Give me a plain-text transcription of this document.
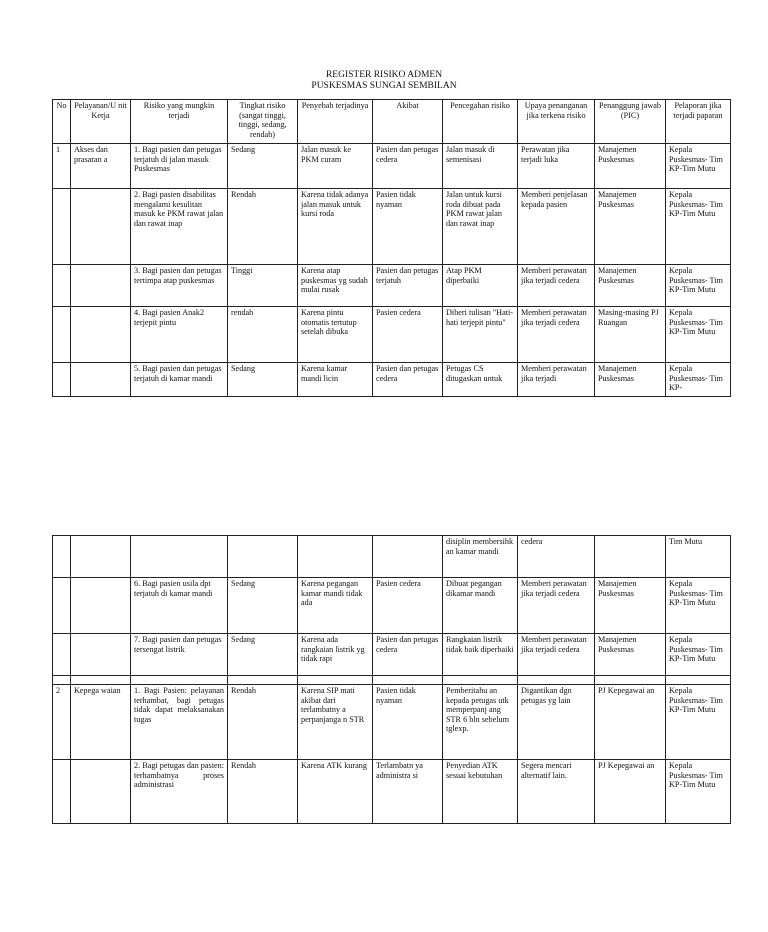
REGISTER RISIKO ADMEN

PUSKESMAS SUNGAI SEMBILAN

No	Pelayanan/U nit Kerja	Risiko yang mungkin terjadi	Tingkat risiko (sangat tinggi, tinggi, sedang, rendah)	Penyebab terjadinya	Akibat	Pencegahan risiko	Upaya penanganan jika terkena risiko	Penanggung jawab (PIC)	Pelaporan jika terjadi paparan
1	Akses dan prasaran a	1. Bagi pasien dan petugas terjatuh di jalan masuk Puskesmas	Sedang	Jalan masuk ke PKM curam	Pasien dan petugas cedera	Jalan masuk di semenisasi	Perawatan jika terjadi luka	Manajemen Puskesmas	Kepala Puskesmas- Tim KP-Tim Mutu
		2. Bagi pasien disabilitas mengalami kesulitan masuk ke PKM rawat jalan dan rawat inap	Rendah	Karena tidak adanya jalan masuk untuk kursi roda	Pasien tidak nyaman	Jalan untuk kursi roda dibuat pada PKM rawat jalan dan rawat inap	Memberi penjelasan kepada pasien	Manajemen Puskesmas	Kepala Puskesmas- Tim KP-Tim Mutu
		3. Bagi pasien dan petugas tertimpa atap puskesmas	Tinggi	Karena atap puskesmas yg sudah mulai rusak	Pasien dan petugas terjatuh	Atap PKM diperbaiki	Memberi perawatan jika terjadi cedera	Manajemen Puskesmas	Kepala Puskesmas- Tim KP-Tim Mutu
		4. Bagi pasien Anak2 terjepit pintu	rendah	Karena pintu otomatis tertutup setelah dibuka	Pasien cedera	Diberi tulisan "Hati-hati terjepit pintu"	Memberi perawatan jika terjadi cedera	Masing-masing PJ Ruangan	Kepala Puskesmas- Tim KP-Tim Mutu
		5. Bagi pasien dan petugas terjatuh di kamar mandi	Sedang	Karena kamar mandi licin	Pasien dan petugas cedera	Petugas CS ditugaskan untuk	Memberi perawatan jika terjadi	Manajemen Puskesmas	Kepala Puskesmas- Tim KP-
						disiplin membersihk an kamar mandi	cedera		Tim Mutu
		6. Bagi pasien usila dpt terjatuh di kamar mandi	Sedang	Karena pegangan kamar mandi tidak ada	Pasien cedera	Dibuat pegangan dikamar mandi	Memberi perawatan jika terjadi cedera	Manajemen Puskesmas	Kepala Puskesmas- Tim KP-Tim Mutu
		7. Bagi pasien dan petugas tersengat listrik	Sedang	Karena ada rangkaian listrik yg tidak rapi	Pasien dan petugas cedera	Rangkaian listrik tidak baik diperbaiki	Memberi perawatan jika terjadi cedera	Manajemen Puskesmas	Kepala Puskesmas- Tim KP-Tim Mutu

2	Kepega waian	1. Bagi Pasien: pelayanan terhambat, bagi petugas tidak dapat melaksanakan tugas	Rendah	Karena SIP mati akibat dari terlambatny a perpanjanga n STR	Pasien tidak nyaman	Pemberitahu an kepada petugas utk memperpanj ang STR 6 bln sebelum tglexp.	Digantikan dgn petugas yg lain	PJ Kepegawai an	Kepala Puskesmas- Tim KP-Tim Mutu
		2. Bagi petugas dan pasien: terhambatnya proses administrasi	Rendah	Karena ATK kurang	Terlambatn ya administra si	Penyedian ATK sesuai kebutuhan	Segera mencari alternatif lain.	PJ Kepegawai an	Kepala Puskesmas- Tim KP-Tim Mutu
